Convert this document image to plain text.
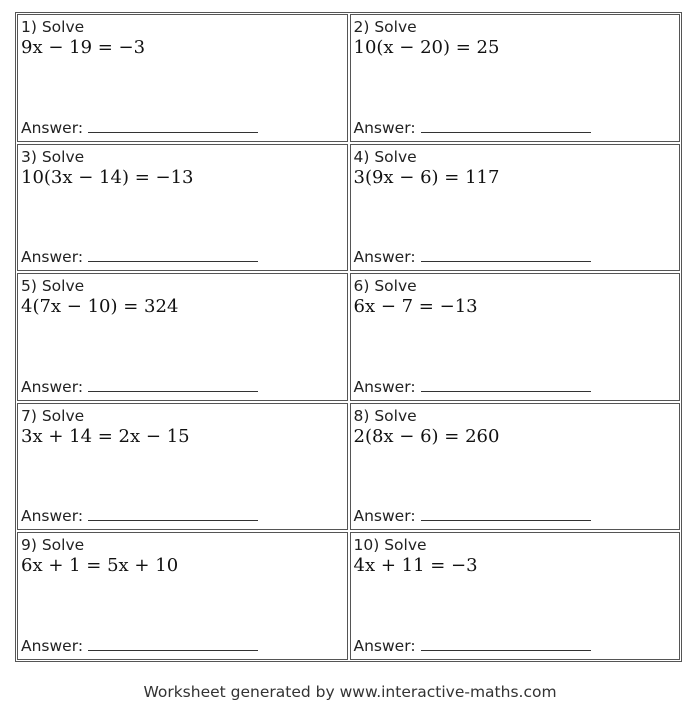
1) Solve
9x − 19 = −3
Answer:
2) Solve
10(x − 20) = 25
Answer:
3) Solve
10(3x − 14) = −13
Answer:
4) Solve
3(9x − 6) = 117
Answer:
5) Solve
4(7x − 10) = 324
Answer:
6) Solve
6x − 7 = −13
Answer:
7) Solve
3x + 14 = 2x − 15
Answer:
8) Solve
2(8x − 6) = 260
Answer:
9) Solve
6x + 1 = 5x + 10
Answer:
10) Solve
4x + 11 = −3
Answer:
Worksheet generated by www.interactive-maths.com
